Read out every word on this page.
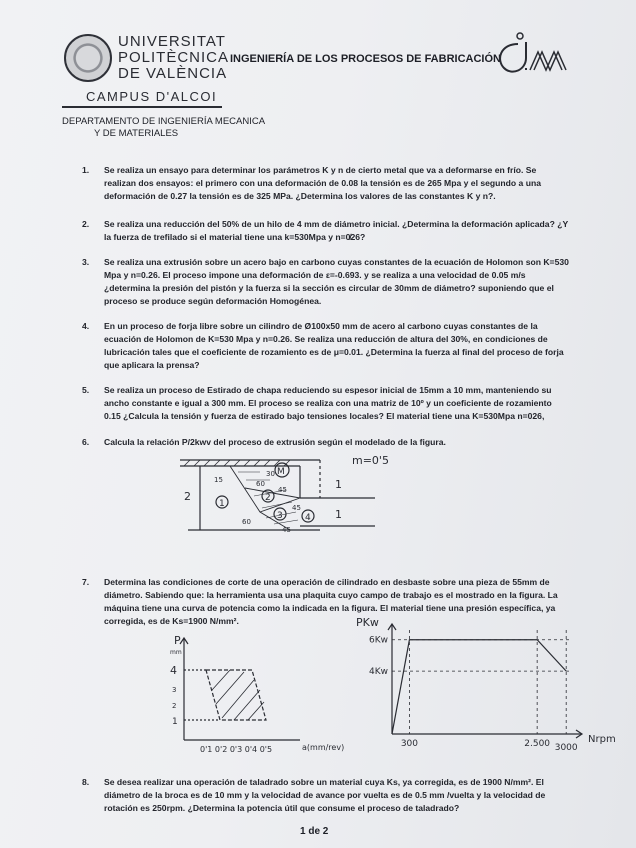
UNIVERSITAT
POLITÈCNICA
DE VALÈNCIA
CAMPUS D'ALCOI
INGENIERÍA DE LOS PROCESOS DE FABRICACIÓN
DEPARTAMENTO DE INGENIERÍA MECANICA
Y DE MATERIALES
1.	Se realiza un ensayo para determinar los parámetros K y n de cierto metal que va a deformarse en frío. Se realizan dos ensayos: el primero con una deformación de 0.08 la tensión es de 265 Mpa y el segundo a una deformación de 0.27 la tensión es de 325 MPa. ¿Determina los valores de las constantes K y n?.
2.	Se realiza una reducción del 50% de un hilo de 4 mm de diámetro inicial. ¿Determina la deformación aplicada? ¿Y la fuerza de trefilado si el material tiene una k=530Mpa y n=0̸26?
3.	Se realiza una extrusión sobre un acero bajo en carbono cuyas constantes de la ecuación de Holomon son K=530 Mpa y n=0.26. El proceso impone una deformación de ε=-0.693. y se realiza a una velocidad de 0.05 m/s ¿determina la presión del pistón y la fuerza si la sección es circular de 30mm de diámetro? suponiendo que el proceso se produce según deformación Homogénea.
4.	En un proceso de forja libre sobre un cilindro de Ø100x50 mm de acero al carbono cuyas constantes de la ecuación de Holomon de K=530 Mpa y n=0.26. Se realiza una reducción de altura del 30%, en condiciones de lubricación tales que el coeficiente de rozamiento es de μ=0.01. ¿Determina la fuerza al final del proceso de forja que aplicara la prensa?
5.	Se realiza un proceso de Estirado de chapa reduciendo su espesor inicial de 15mm a 10 mm, manteniendo su ancho constante e igual a 300 mm. El proceso se realiza con una matriz de 10º y un coeficiente de rozamiento 0.15 ¿Calcula la tensión y fuerza de estirado bajo tensiones locales? El material tiene una K=530Mpa n=026,
6.	Calcula la relación P/2kwv del proceso de extrusión según el modelado de la figura.
2
1
1
1
2
3 4
M
15
30
60
45
45
60
45
m=0'5
7.	Determina las condiciones de corte de una operación de cilindrado en desbaste sobre una pieza de 55mm de diámetro. Sabiendo que: la herramienta usa una plaquita cuyo campo de trabajo es el mostrado en la figura. La máquina tiene una curva de potencia como la indicada en la figura. El material tiene una presión específica, ya corregida, es de Ks=1900 N/mm².
P
mm
4
3
2
1
0'1 0'2 0'3 0'4 0'5	a(mm/rev)
PKw
Nrpm
6Kw
4Kw
300	2.500 3000
8.	Se desea realizar una operación de taladrado sobre un material cuya Ks, ya corregida, es de 1900 N/mm². El diámetro de la broca es de 10 mm y la velocidad de avance por vuelta es de 0.5 mm /vuelta y la velocidad de rotación es 250rpm. ¿Determina la potencia útil que consume el proceso de taladrado?
1 de 2
